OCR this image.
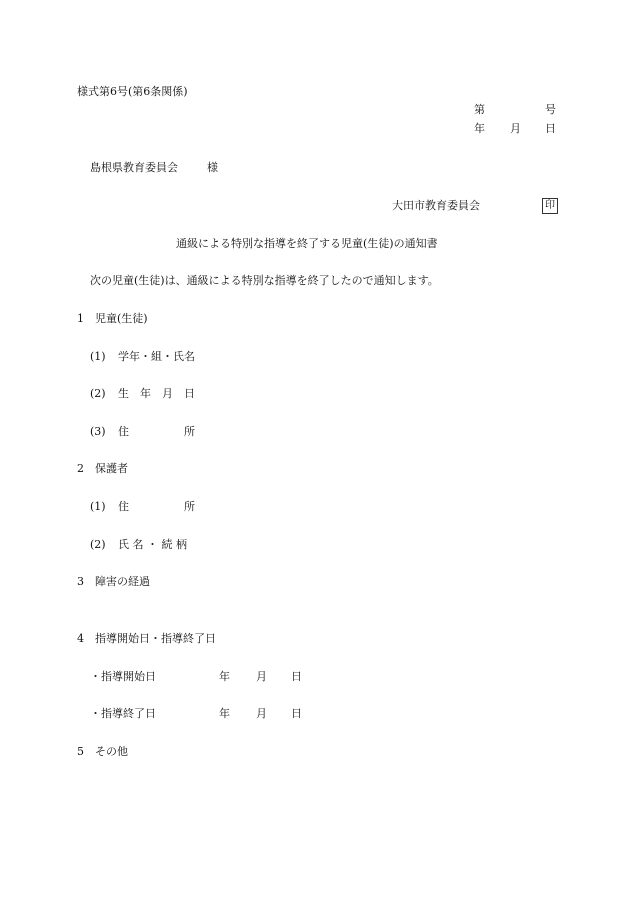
様式第6号(第6条関係)
第	号
年 月 日
島根県教育委員会	様
大田市教育委員会	印
通級による特別な指導を終了する児童(生徒)の通知書
次の児童(生徒)は、通級による特別な指導を終了したので通知します。
1 児童(生徒)
(1) 学年・組・氏名
(2) 生　年　月　日
(3) 住　　　　　所
2 保護者
(1) 住　　　　　所
(2) 氏 名 ・ 続 柄
3 障害の経過
4 指導開始日・指導終了日
・指導開始日	年 月 日
・指導終了日	年 月 日
5 その他
